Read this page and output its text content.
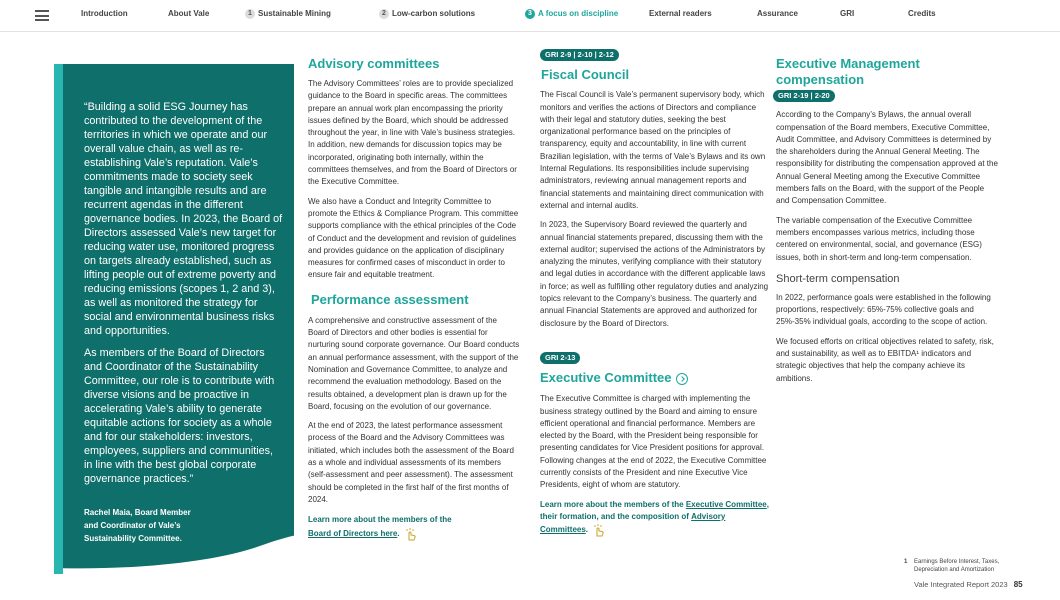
Introduction	About Vale	1 Sustainable Mining	2 Low-carbon solutions	3 A focus on discipline	External readers	Assurance	GRI	Credits

“Building a solid ESG Journey has contributed to the development of the territories in which we operate and our overall value chain, as well as re-establishing Vale’s reputation. Vale’s commitments made to society seek tangible and intangible results and are recurrent agendas in the different governance bodies. In 2023, the Board of Directors assessed Vale’s new target for reducing water use, monitored progress on targets already established, such as lifting people out of extreme poverty and reducing emissions (scopes 1, 2 and 3), as well as monitored the strategy for social and environmental business risks and opportunities.

As members of the Board of Directors and Coordinator of the Sustainability Committee, our role is to contribute with diverse visions and be proactive in accelerating Vale’s ability to generate equitable actions for society as a whole and for our stakeholders: investors, employees, suppliers and communities, in line with the best global corporate governance practices.”

Rachel Maia, Board Member
and Coordinator of Vale’s
Sustainability Committee.
Advisory committees

The Advisory Committees’ roles are to provide specialized guidance to the Board in specific areas. The committees prepare an annual work plan encompassing the priority issues defined by the Board, which should be addressed throughout the year, in line with Vale’s business strategies. In addition, new demands for discussion topics may be incorporated, originating both internally, within the committees themselves, and from the Board of Directors or the Executive Committee.

We also have a Conduct and Integrity Committee to promote the Ethics & Compliance Program. This committee supports compliance with the ethical principles of the Code of Conduct and the development and revision of guidelines and provides guidance on the application of disciplinary measures for confirmed cases of misconduct in order to ensure fair and equitable treatment.

Performance assessment

A comprehensive and constructive assessment of the Board of Directors and other bodies is essential for nurturing sound corporate governance. Our Board conducts an annual performance assessment, with the support of the Nomination and Governance Committee, to analyze and recommend the evaluation methodology. Based on the results obtained, a development plan is drawn up for the Board, focusing on the evolution of our governance.

At the end of 2023, the latest performance assessment process of the Board and the Advisory Committees was initiated, which includes both the assessment of the Board as a whole and individual assessments of its members (self-assessment and peer assessment). The assessment should be completed in the first half of the first months of 2024.

Learn more about the members of the
Board of Directors here.

GRI 2-9 | 2-10 | 2-12
Fiscal Council

The Fiscal Council is Vale’s permanent supervisory body, which monitors and verifies the actions of Directors and compliance with their legal and statutory duties, seeking the best organizational performance based on the principles of transparency, equity and accountability, in line with current Brazilian legislation, with the terms of Vale’s Bylaws and its own Internal Regulations. Its responsibilities include supervising administrators, reviewing annual management reports and financial statements and maintaining direct communication with external and internal audits.

In 2023, the Supervisory Board reviewed the quarterly and annual financial statements prepared, discussing them with the external auditor; supervised the actions of the Administrators by analyzing the minutes, verifying compliance with their statutory and legal duties in accordance with the different applicable laws in force; as well as fulfilling other regulatory duties and analyzing topics relevant to the Company’s business. The quarterly and annual Financial Statements are approved and authorized for disclosure by the Board of Directors.

GRI 2-13
Executive Committee

The Executive Committee is charged with implementing the business strategy outlined by the Board and aiming to ensure efficient operational and financial performance. Members are elected by the Board, with the President being responsible for presenting candidates for Vice President positions for approval. Following changes at the end of 2022, the Executive Committee currently consists of the President and nine Executive Vice Presidents, eight of whom are statutory.

Learn more about the members of the Executive Committee, their formation, and the composition of Advisory Committees.

Executive Management compensation
GRI 2-19 | 2-20

According to the Company’s Bylaws, the annual overall compensation of the Board members, Executive Committee, Audit Committee, and Advisory Committees is determined by the shareholders during the Annual General Meeting. The responsibility for distributing the compensation approved at the Annual General Meeting among the Executive Committee members falls on the Board, with the support of the People and Compensation Committee.

The variable compensation of the Executive Committee members encompasses various metrics, including those centered on environmental, social, and governance (ESG) issues, both in short-term and long-term compensation.

Short-term compensation

In 2022, performance goals were established in the following proportions, respectively: 65%-75% collective goals and 25%-35% individual goals, according to the scope of action.

We focused efforts on critical objectives related to safety, risk, and sustainability, as well as to EBITDA¹ indicators and strategic objectives that help the company achieve its ambitions.

1 Earnings Before Interest, Taxes, Depreciation and Amortization
Vale Integrated Report 2023 85
